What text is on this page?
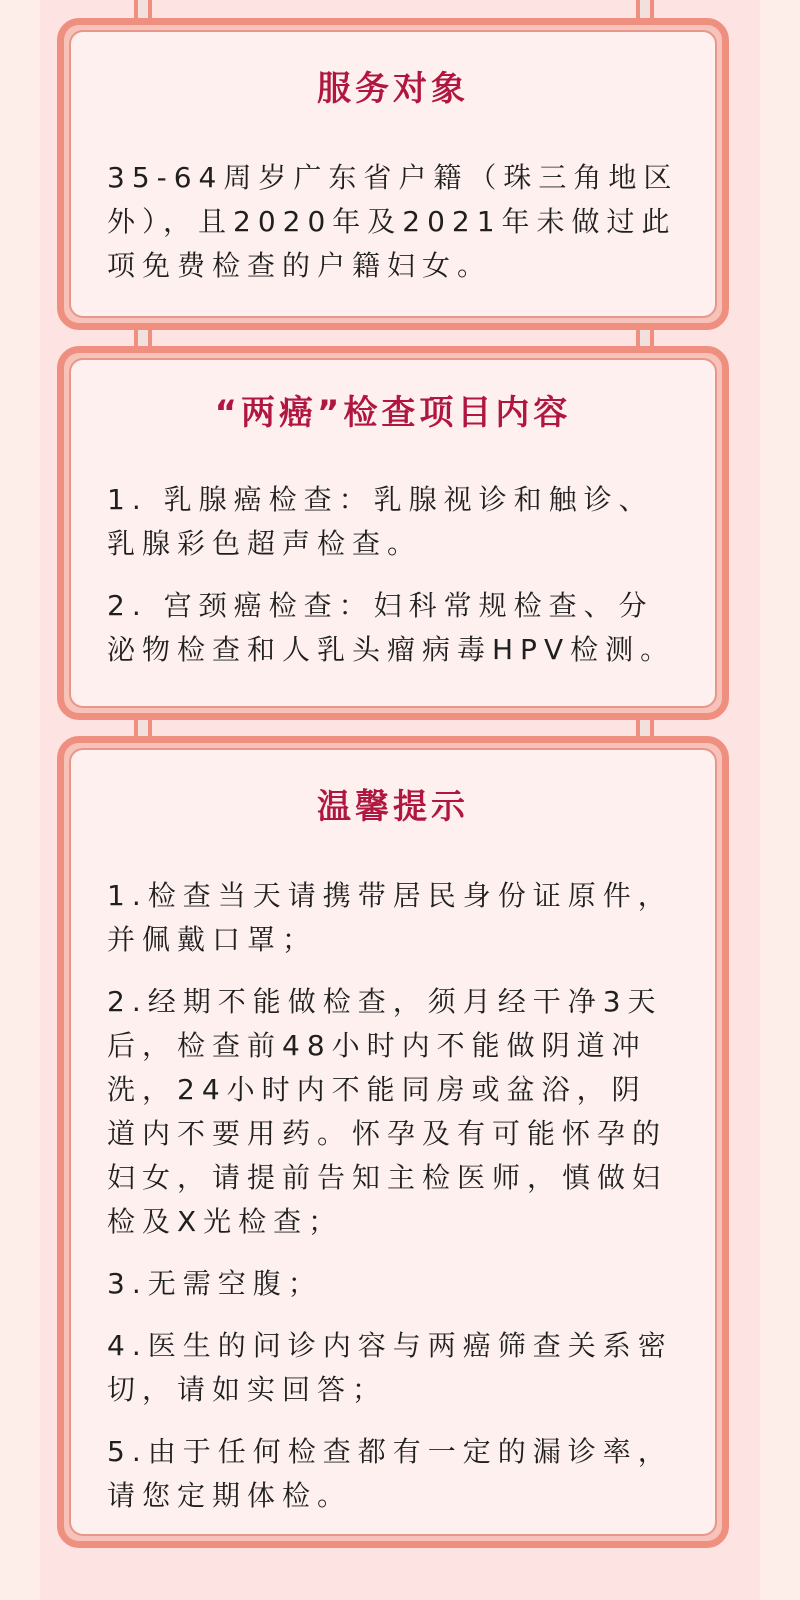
服务对象

35-64周岁广东省户籍（珠三角地区外），且2020年及2021年未做过此项免费检查的户籍妇女。

“两癌”检查项目内容

1. 乳腺癌检查：乳腺视诊和触诊、乳腺彩色超声检查。

2. 宫颈癌检查：妇科常规检查、分泌物检查和人乳头瘤病毒HPV检测。

温馨提示

1.检查当天请携带居民身份证原件，并佩戴口罩；

2.经期不能做检查，须月经干净3天后，检查前48小时内不能做阴道冲洗，24小时内不能同房或盆浴，阴道内不要用药。怀孕及有可能怀孕的妇女，请提前告知主检医师，慎做妇检及X光检查；

3.无需空腹；

4.医生的问诊内容与两癌筛查关系密切，请如实回答；

5.由于任何检查都有一定的漏诊率，请您定期体检。
